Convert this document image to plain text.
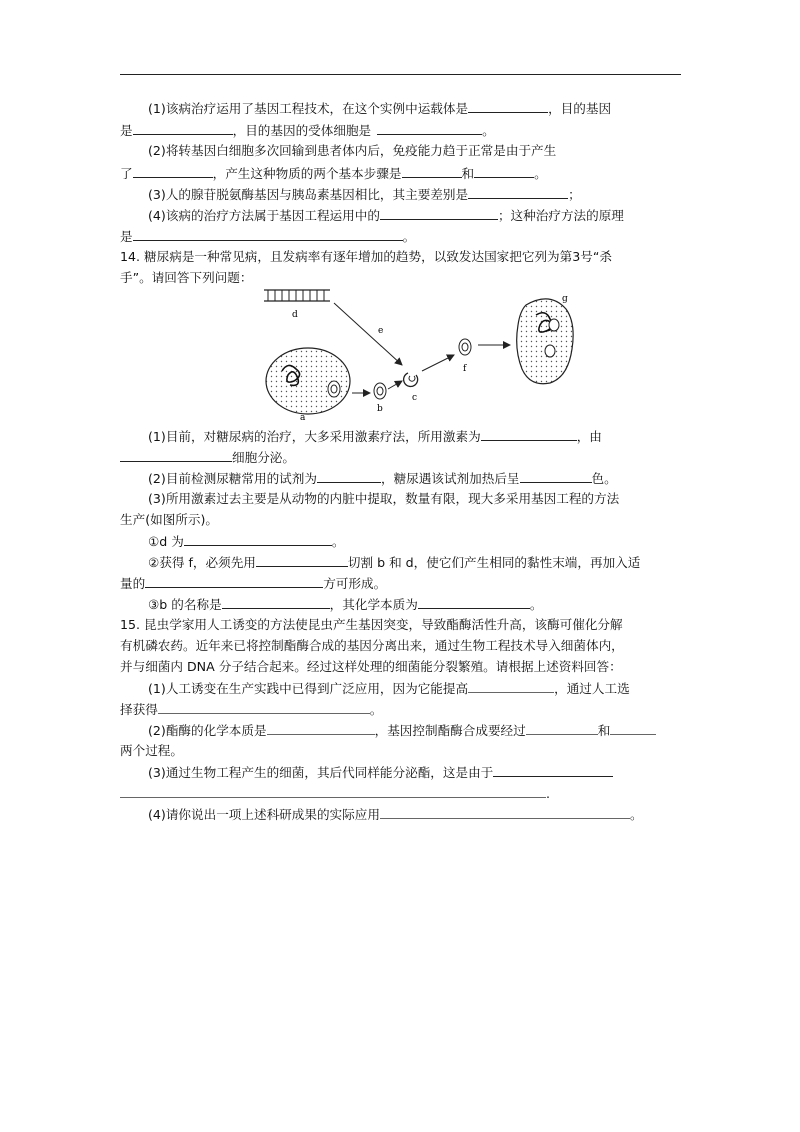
(1)该病治疗运用了基因工程技术，在这个实例中运载体是	，目的基因
是	，目的基因的受体细胞是	。
(2)将转基因白细胞多次回输到患者体内后，免疫能力趋于正常是由于产生
了	，产生这种物质的两个基本步骤是	和	。
(3)人的腺苷脱氨酶基因与胰岛素基因相比，其主要差别是	；
(4)该病的治疗方法属于基因工程运用中的	；这种治疗方法的原理
是	。
14. 糖尿病是一种常见病，且发病率有逐年增加的趋势，以致发达国家把它列为第3号“杀
手”。请回答下列问题：
d
e
a
b
c
f
g
(1)目前，对糖尿病的治疗，大多采用激素疗法，所用激素为	，由
细胞分泌。
(2)目前检测尿糖常用的试剂为	，糖尿遇该试剂加热后呈	色。
(3)所用激素过去主要是从动物的内脏中提取，数量有限，现大多采用基因工程的方法
生产(如图所示)。
①d 为	。
②获得 f，必须先用	切割 b 和 d，使它们产生相同的黏性末端，再加入适
量的	方可形成。
③b 的名称是	，其化学本质为	。
15. 昆虫学家用人工诱变的方法使昆虫产生基因突变，导致酯酶活性升高，该酶可催化分解
有机磷农药。近年来已将控制酯酶合成的基因分离出来，通过生物工程技术导入细菌体内，
并与细菌内 DNA 分子结合起来。经过这样处理的细菌能分裂繁殖。请根据上述资料回答：
(1)人工诱变在生产实践中已得到广泛应用，因为它能提高	，通过人工选
择获得	。
(2)酯酶的化学本质是	，基因控制酯酶合成要经过	和
两个过程。
(3)通过生物工程产生的细菌，其后代同样能分泌酯，这是由于
.
(4)请你说出一项上述科研成果的实际应用	。
